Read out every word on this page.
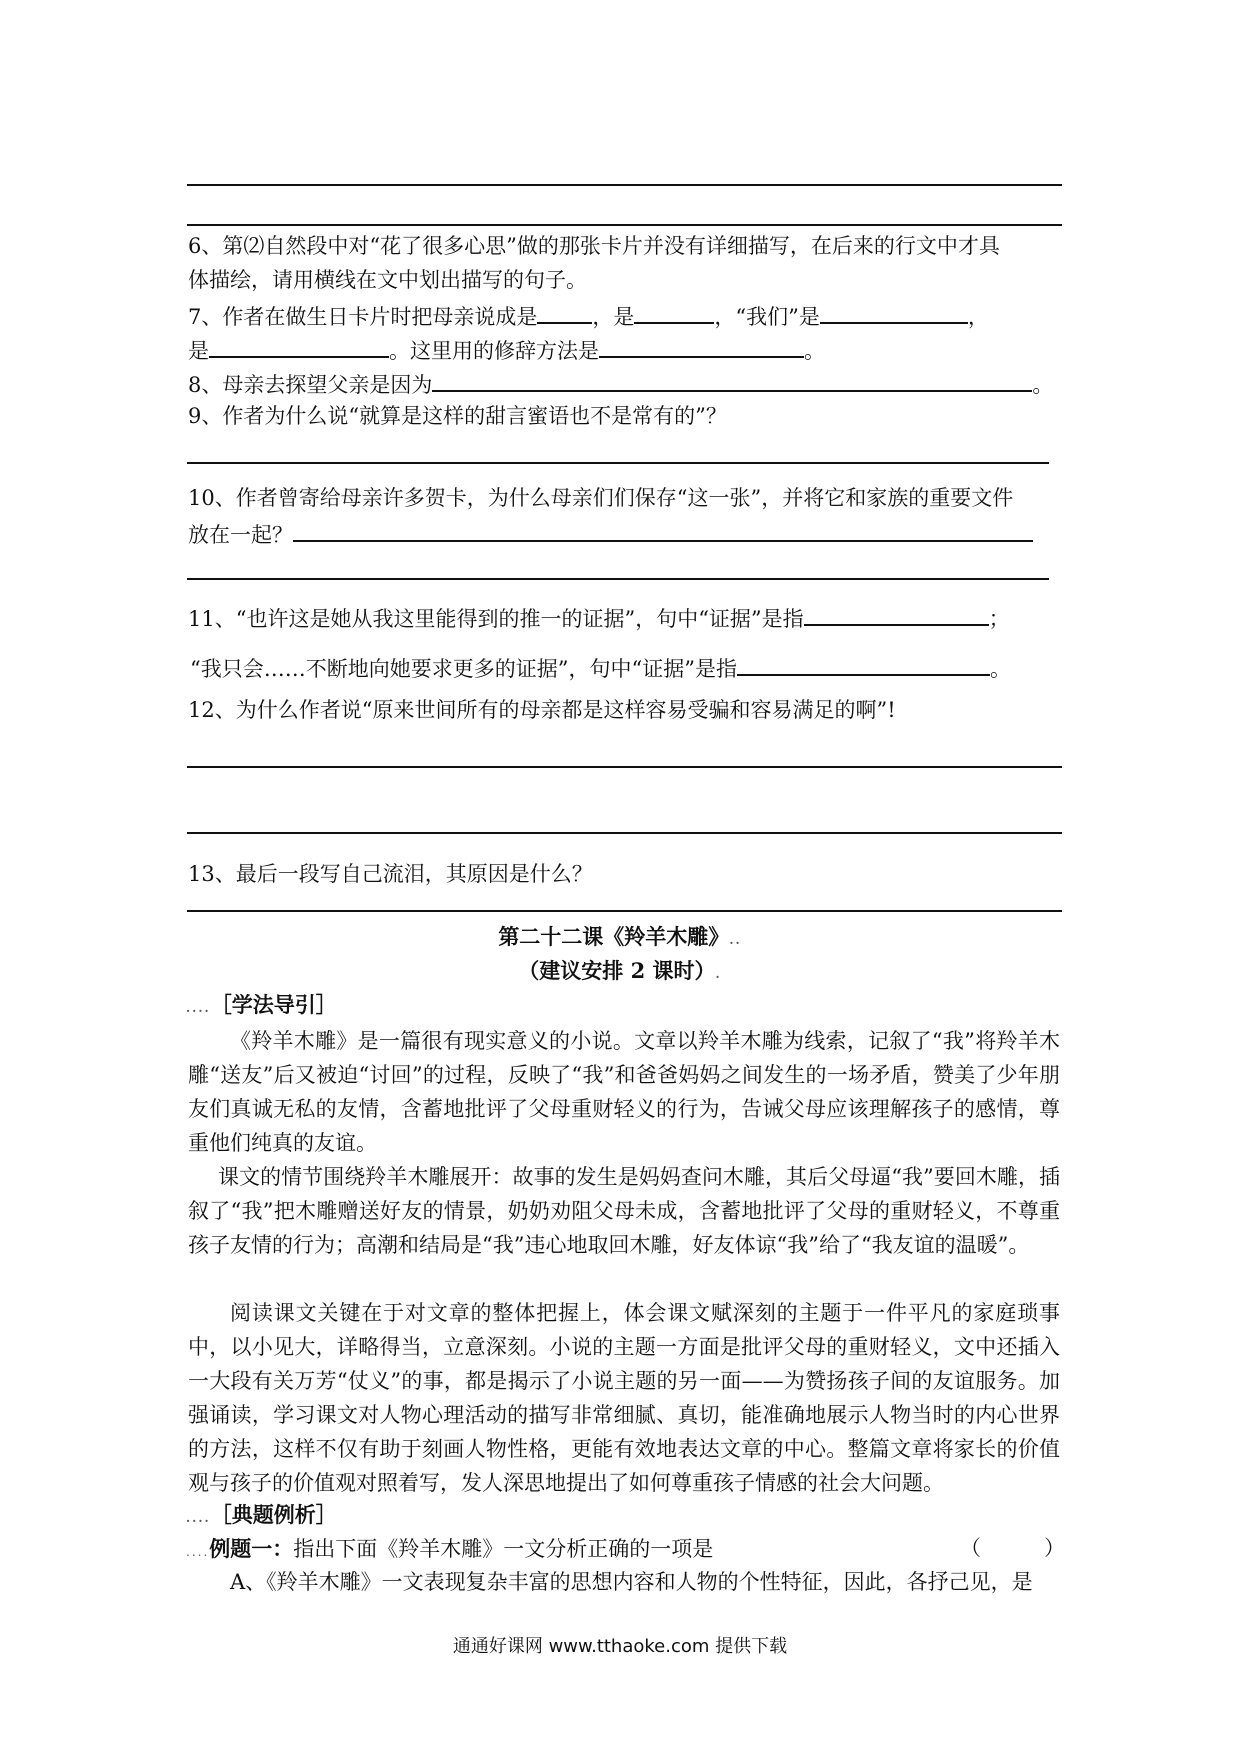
6、第⑵自然段中对“花了很多心思”做的那张卡片并没有详细描写，在后来的行文中才具
体描绘，请用横线在文中划出描写的句子。
7、作者在做生日卡片时把母亲说成是	，是	，“我们”是	，
是	。这里用的修辞方法是	。
8、母亲去探望父亲是因为	。
9、作者为什么说“就算是这样的甜言蜜语也不是常有的”？
10、作者曾寄给母亲许多贺卡，为什么母亲们们保存“这一张”，并将它和家族的重要文件
放在一起？
11、“也许这是她从我这里能得到的推一的证据”，句中“证据”是指	；
“我只会……不断地向她要求更多的证据”，句中“证据”是指	。
12、为什么作者说“原来世间所有的母亲都是这样容易受骗和容易满足的啊”!
13、最后一段写自己流泪，其原因是什么？
第二十二课《羚羊木雕》..
（建议安排 2 课时）.
....［学法导引］
《羚羊木雕》是一篇很有现实意义的小说。文章以羚羊木雕为线索，记叙了“我”将羚羊木雕“送友”后又被迫“讨回”的过程，反映了“我”和爸爸妈妈之间发生的一场矛盾，赞美了少年朋友们真诚无私的友情，含蓄地批评了父母重财轻义的行为，告诫父母应该理解孩子的感情，尊重他们纯真的友谊。
课文的情节围绕羚羊木雕展开：故事的发生是妈妈查问木雕，其后父母逼“我”要回木雕，插叙了“我”把木雕赠送好友的情景，奶奶劝阻父母未成，含蓄地批评了父母的重财轻义，不尊重孩子友情的行为；高潮和结局是“我”违心地取回木雕，好友体谅“我”给了“我友谊的温暖”。
阅读课文关键在于对文章的整体把握上，体会课文赋深刻的主题于一件平凡的家庭琐事中，以小见大，详略得当，立意深刻。小说的主题一方面是批评父母的重财轻义，文中还插入一大段有关万芳“仗义”的事，都是揭示了小说主题的另一面——为赞扬孩子间的友谊服务。加强诵读，学习课文对人物心理活动的描写非常细腻、真切，能准确地展示人物当时的内心世界的方法，这样不仅有助于刻画人物性格，更能有效地表达文章的中心。整篇文章将家长的价值观与孩子的价值观对照着写，发人深思地提出了如何尊重孩子情感的社会大问题。
....［典题例析］
....例题一：指出下面《羚羊木雕》一文分析正确的一项是	（　　　）
A、《羚羊木雕》一文表现复杂丰富的思想内容和人物的个性特征，因此，各抒己见，是
通通好课网 www.tthaoke.com 提供下载
